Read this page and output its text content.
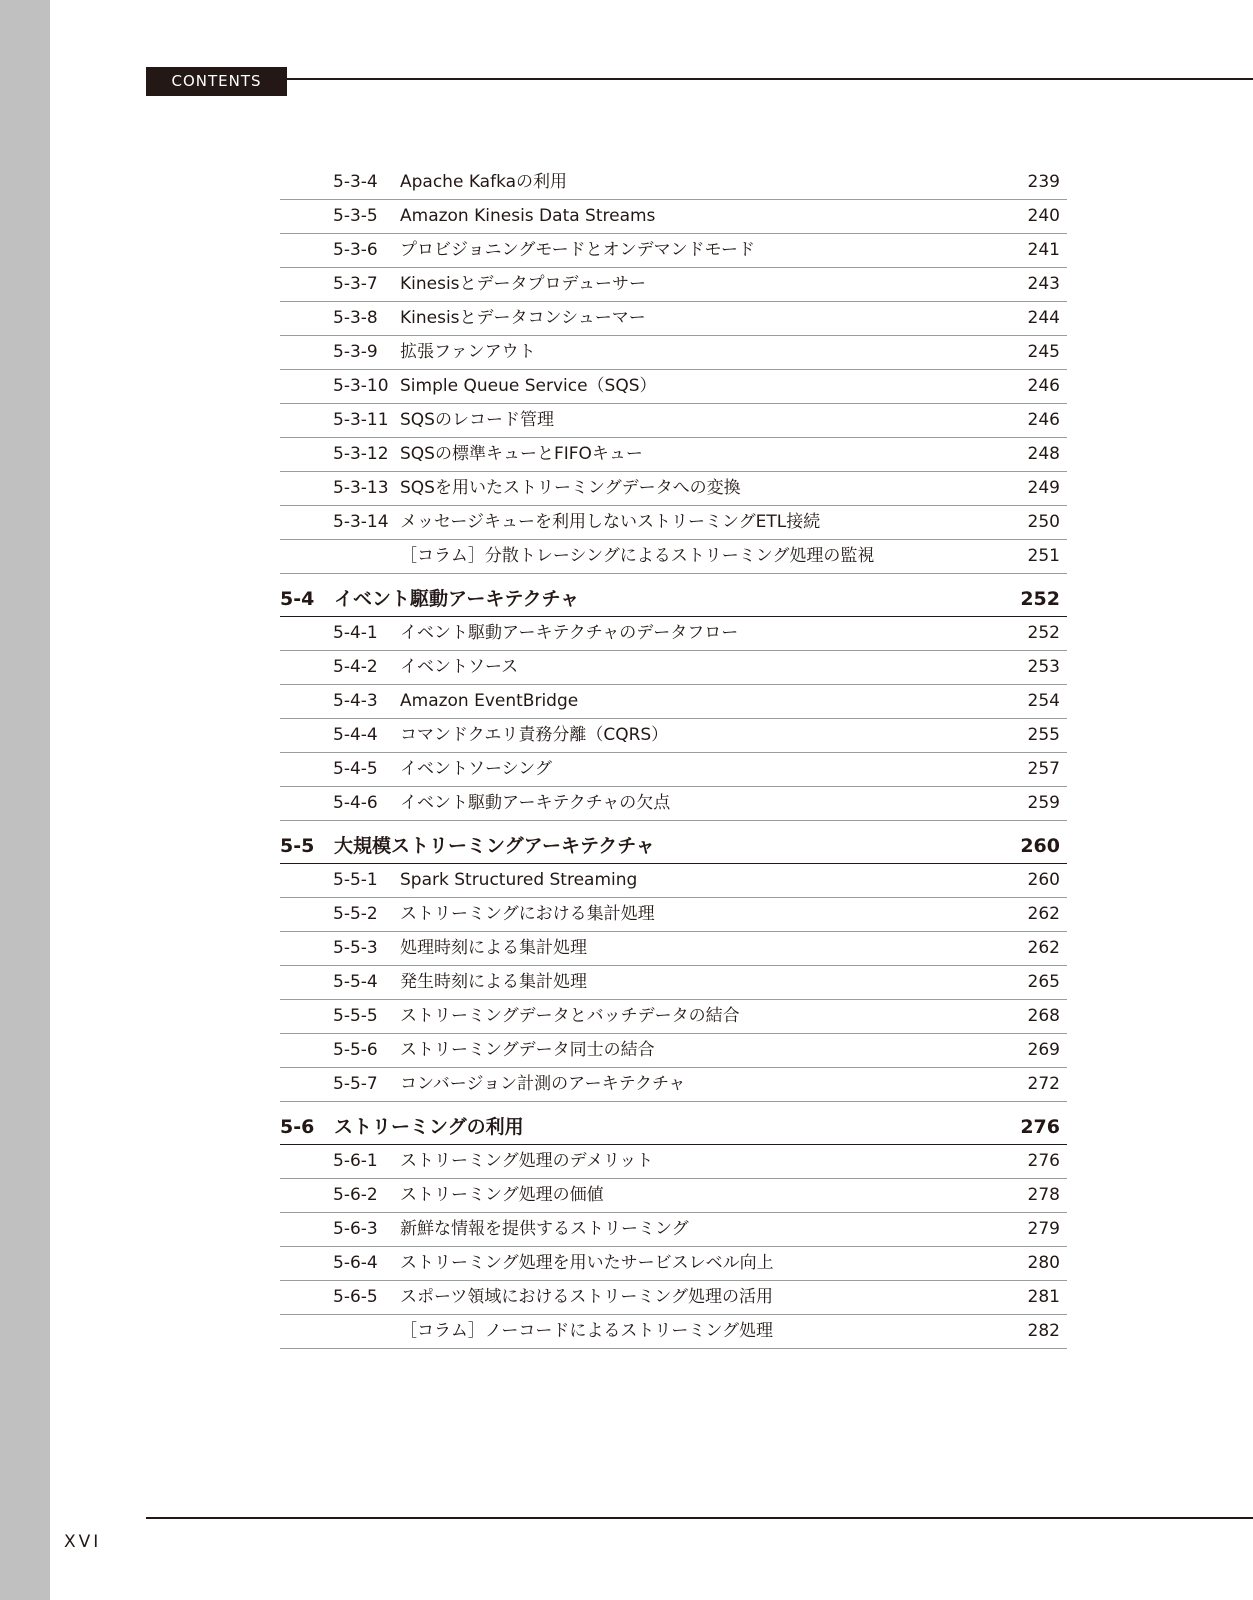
CONTENTS
5-3-4 Apache Kafkaの利用	239
5-3-5 Amazon Kinesis Data Streams	240
5-3-6 プロビジョニングモードとオンデマンドモード	241
5-3-7 Kinesisとデータプロデューサー	243
5-3-8 Kinesisとデータコンシューマー	244
5-3-9 拡張ファンアウト	245
5-3-10 Simple Queue Service（SQS）	246
5-3-11 SQSのレコード管理	246
5-3-12 SQSの標準キューとFIFOキュー	248
5-3-13 SQSを用いたストリーミングデータへの変換	249
5-3-14 メッセージキューを利用しないストリーミングETL接続	250
［コラム］分散トレーシングによるストリーミング処理の監視	251
5-4 イベント駆動アーキテクチャ	252
5-4-1 イベント駆動アーキテクチャのデータフロー	252
5-4-2 イベントソース	253
5-4-3 Amazon EventBridge	254
5-4-4 コマンドクエリ責務分離（CQRS）	255
5-4-5 イベントソーシング	257
5-4-6 イベント駆動アーキテクチャの欠点	259
5-5 大規模ストリーミングアーキテクチャ	260
5-5-1 Spark Structured Streaming	260
5-5-2 ストリーミングにおける集計処理	262
5-5-3 処理時刻による集計処理	262
5-5-4 発生時刻による集計処理	265
5-5-5 ストリーミングデータとバッチデータの結合	268
5-5-6 ストリーミングデータ同士の結合	269
5-5-7 コンバージョン計測のアーキテクチャ	272
5-6 ストリーミングの利用	276
5-6-1 ストリーミング処理のデメリット	276
5-6-2 ストリーミング処理の価値	278
5-6-3 新鮮な情報を提供するストリーミング	279
5-6-4 ストリーミング処理を用いたサービスレベル向上	280
5-6-5 スポーツ領域におけるストリーミング処理の活用	281
［コラム］ノーコードによるストリーミング処理	282
XVI
